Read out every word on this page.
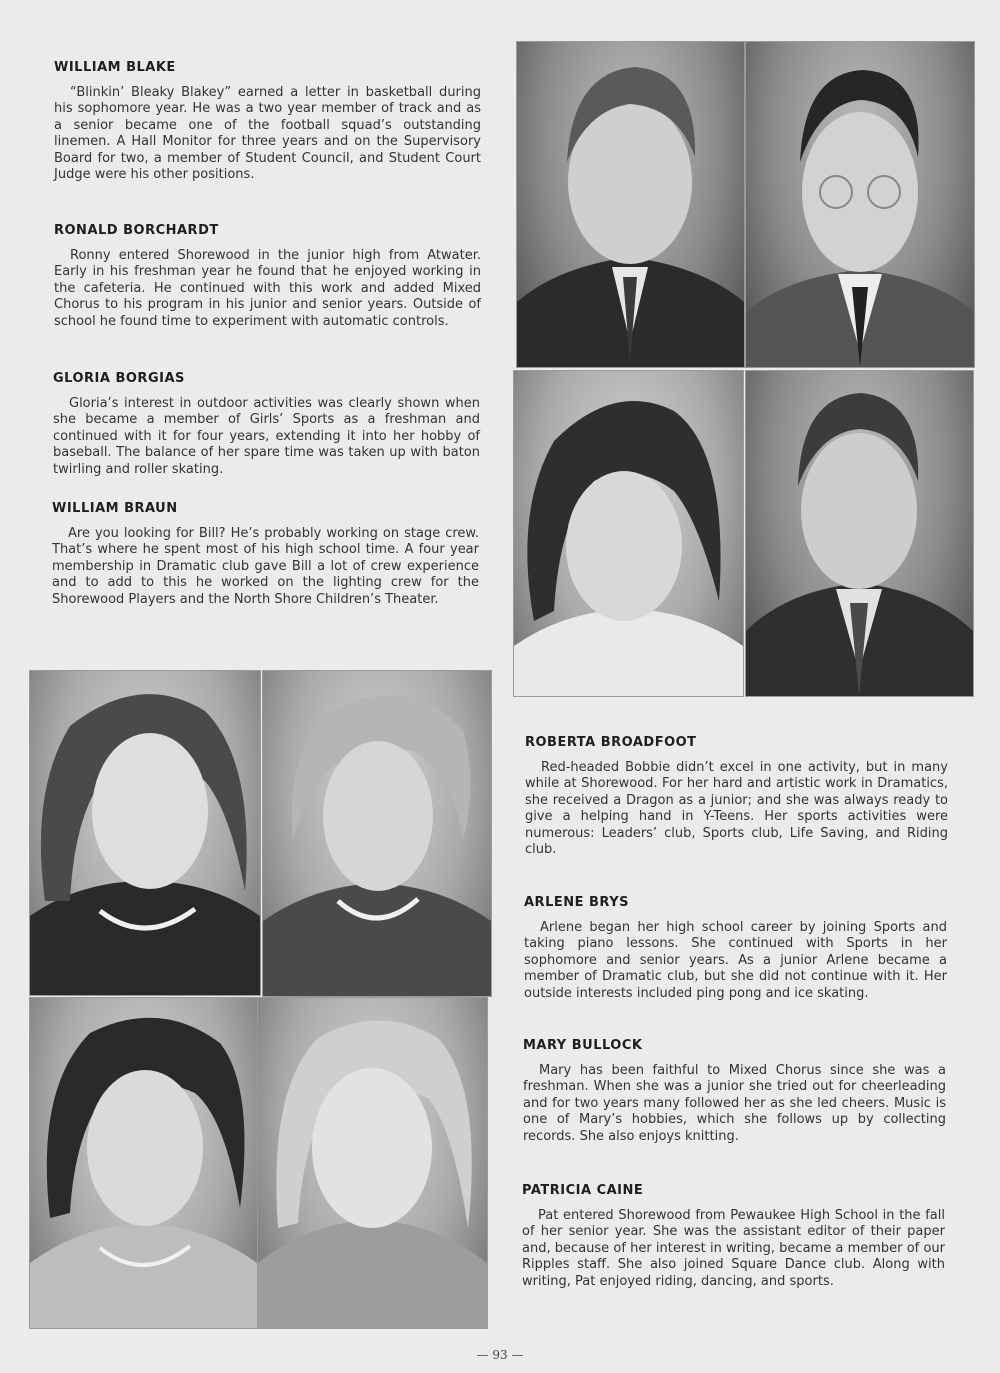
WILLIAM BLAKE

“Blinkin’ Bleaky Blakey” earned a letter in basketball during his sophomore year. He was a two year member of track and as a senior became one of the football squad’s outstanding linemen. A Hall Monitor for three years and on the Supervisory Board for two, a member of Student Council, and Student Court Judge were his other positions.

RONALD BORCHARDT

Ronny entered Shorewood in the junior high from Atwater. Early in his freshman year he found that he enjoyed working in the cafeteria. He continued with this work and added Mixed Chorus to his program in his junior and senior years. Outside of school he found time to experiment with automatic controls.

GLORIA BORGIAS

Gloria’s interest in outdoor activities was clearly shown when she became a member of Girls’ Sports as a freshman and continued with it for four years, extending it into her hobby of baseball. The balance of her spare time was taken up with baton twirling and roller skating.

WILLIAM BRAUN

Are you looking for Bill? He’s probably working on stage crew. That’s where he spent most of his high school time. A four year membership in Dramatic club gave Bill a lot of crew experience and to add to this he worked on the lighting crew for the Shorewood Players and the North Shore Children’s Theater.

ROBERTA BROADFOOT

Red-headed Bobbie didn’t excel in one activity, but in many while at Shorewood. For her hard and artistic work in Dramatics, she received a Dragon as a junior; and she was always ready to give a helping hand in Y-Teens. Her sports activities were numerous: Leaders’ club, Sports club, Life Saving, and Riding club.

ARLENE BRYS

Arlene began her high school career by joining Sports and taking piano lessons. She continued with Sports in her sophomore and senior years. As a junior Arlene became a member of Dramatic club, but she did not continue with it. Her outside interests included ping pong and ice skating.

MARY BULLOCK

Mary has been faithful to Mixed Chorus since she was a freshman. When she was a junior she tried out for cheerleading and for two years many followed her as she led cheers. Music is one of Mary’s hobbies, which she follows up by collecting records. She also enjoys knitting.

PATRICIA CAINE

Pat entered Shorewood from Pewaukee High School in the fall of her senior year. She was the assistant editor of their paper and, because of her interest in writing, became a member of our Ripples staff. She also joined Square Dance club. Along with writing, Pat enjoyed riding, dancing, and sports.

— 93 —
